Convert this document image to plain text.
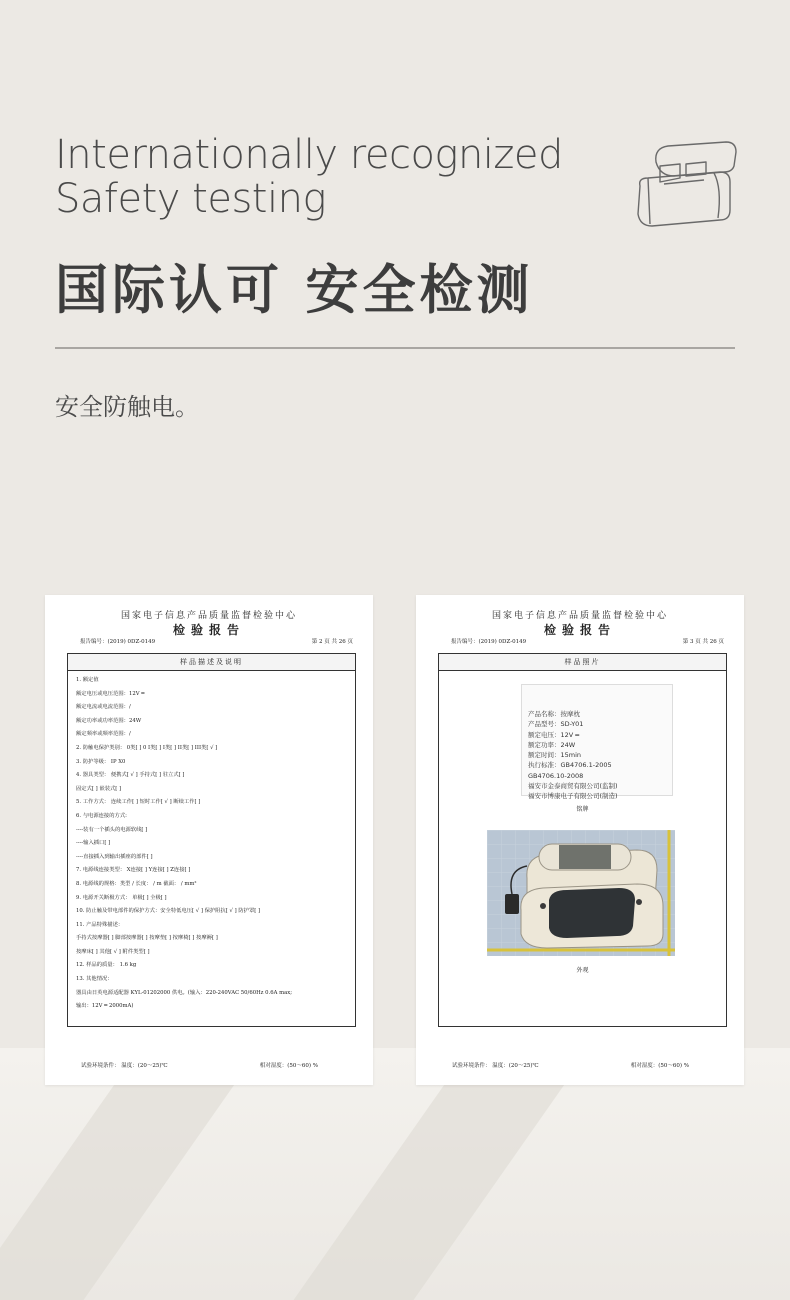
Internationally recognized
Safety testing
国际认可 安全检测
安全防触电。
国家电子信息产品质量监督检验中心
检验报告
报告编号：(2019) 0DZ-0149	第 2 页 共 26 页
样品描述及说明
1. 额定值
额定电压或电压范围：12V ═
额定电流或电流范围：/
额定功率或功率范围：24W
额定频率或频率范围：/
2. 防触电保护类别： 0类[ ] 0 I类[ ] I类[ ] II类[ ] III类[ √ ]
3. 防护等级： IP X0
4. 器具类型： 便携式[ √ ] 手持式[ ] 驻立式[ ]
固定式[ ] 嵌装式[ ]
5. 工作方式： 连续工作[ ] 短时工作[ √ ] 断续工作[ ]
6. 与电源连接的方式:
----装有一个插头的电源软线[ ]
----输入插口[ ]
----直接插入到输出插座的部件[ ]
7. 电源线连接类型： X连接[ ] Y连接[ ] Z连接[ ]
8. 电源线的规格：类型 / 长度： / m 截面： / mm²
9. 电源开关断极方式： 单极[ ] 全极[ ]
10. 防止触及带电部件的保护方式：安全特低电压[ √ ] 保护阻抗[ √ ] 防护罩[ ]
11. 产品特殊描述：
手持式按摩器[ ] 脚部按摩器[ ] 按摩垫[ ] 按摩椅[ ] 按摩褥[ ]
按摩床[ ] 其他[ √ ] 附件类型[ ]
12. 样品的质量： 1.6 kg
13. 其他情况：
器具由日英电源适配器 KYL-01202000 供电。(输入：220-240VAC 50/60Hz 0.6A max;
输出：12V ═ 2000mA)
试验环境条件： 温度：(20～25)℃	相对湿度：(50～60) %
国家电子信息产品质量监督检验中心
检验报告
报告编号：(2019) 0DZ-0149	第 3 页 共 26 页
样品照片
产品名称：按摩枕
产品型号：SD-Y01
额定电压：12V ═
额定功率：24W
额定时间：15min
执行标准：GB4706.1-2005
GB4706.10-2008
福安市金泰商贸有限公司(监制)
福安市博康电子有限公司(制造)
铭牌
外观
试验环境条件： 温度：(20～25)℃	相对湿度：(50～60) %
